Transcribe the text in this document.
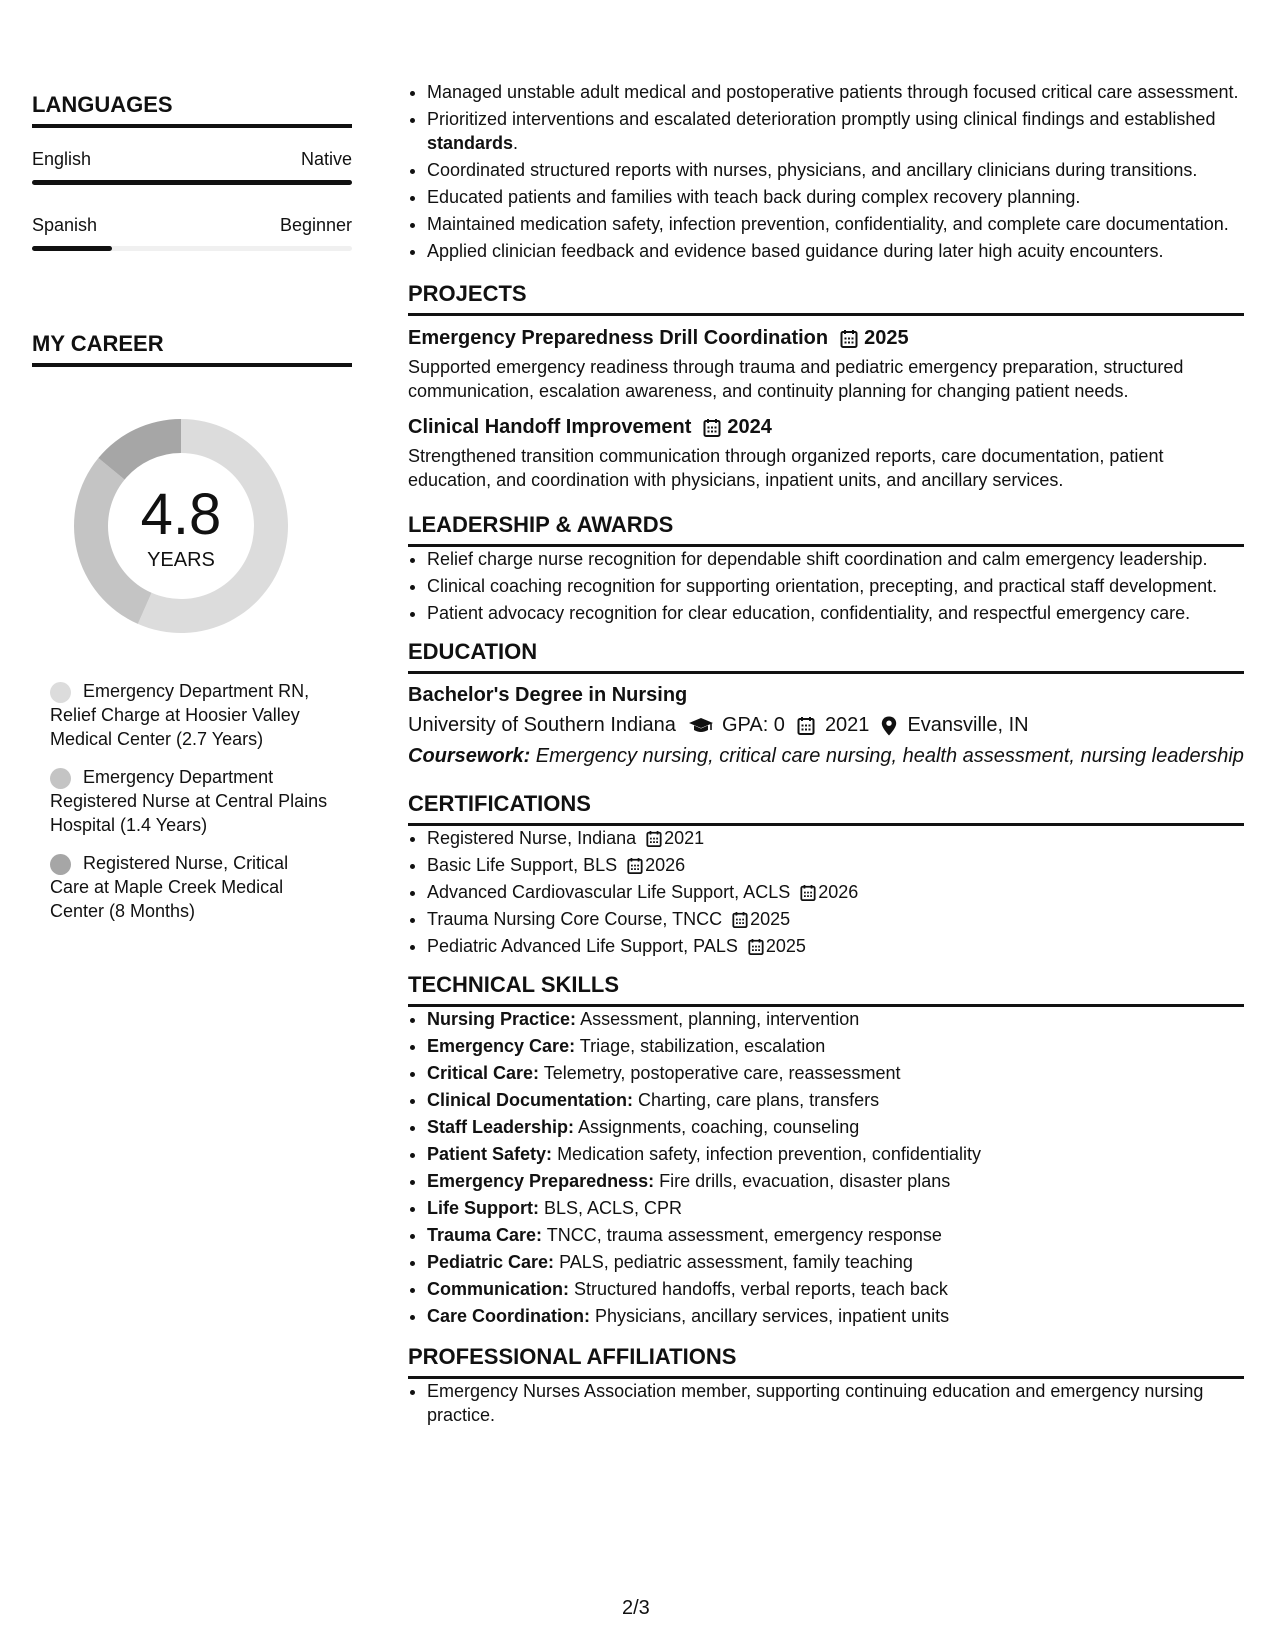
LANGUAGES
English	Native
Spanish	Beginner
MY CAREER
4.8
YEARS
Emergency Department RN, Relief Charge at Hoosier Valley Medical Center (2.7 Years)
Emergency Department Registered Nurse at Central Plains Hospital (1.4 Years)
Registered Nurse, Critical Care at Maple Creek Medical Center (8 Months)
• Managed unstable adult medical and postoperative patients through focused critical care assessment.
• Prioritized interventions and escalated deterioration promptly using clinical findings and established standards.
• Coordinated structured reports with nurses, physicians, and ancillary clinicians during transitions.
• Educated patients and families with teach back during complex recovery planning.
• Maintained medication safety, infection prevention, confidentiality, and complete care documentation.
• Applied clinician feedback and evidence based guidance during later high acuity encounters.
PROJECTS
Emergency Preparedness Drill Coordination 2025
Supported emergency readiness through trauma and pediatric emergency preparation, structured communication, escalation awareness, and continuity planning for changing patient needs.
Clinical Handoff Improvement 2024
Strengthened transition communication through organized reports, care documentation, patient education, and coordination with physicians, inpatient units, and ancillary services.
LEADERSHIP & AWARDS
• Relief charge nurse recognition for dependable shift coordination and calm emergency leadership.
• Clinical coaching recognition for supporting orientation, precepting, and practical staff development.
• Patient advocacy recognition for clear education, confidentiality, and respectful emergency care.
EDUCATION
Bachelor's Degree in Nursing
University of Southern Indiana GPA: 0 2021 Evansville, IN
Coursework: Emergency nursing, critical care nursing, health assessment, nursing leadership
CERTIFICATIONS
• Registered Nurse, Indiana 2021
• Basic Life Support, BLS 2026
• Advanced Cardiovascular Life Support, ACLS 2026
• Trauma Nursing Core Course, TNCC 2025
• Pediatric Advanced Life Support, PALS 2025
TECHNICAL SKILLS
• Nursing Practice: Assessment, planning, intervention
• Emergency Care: Triage, stabilization, escalation
• Critical Care: Telemetry, postoperative care, reassessment
• Clinical Documentation: Charting, care plans, transfers
• Staff Leadership: Assignments, coaching, counseling
• Patient Safety: Medication safety, infection prevention, confidentiality
• Emergency Preparedness: Fire drills, evacuation, disaster plans
• Life Support: BLS, ACLS, CPR
• Trauma Care: TNCC, trauma assessment, emergency response
• Pediatric Care: PALS, pediatric assessment, family teaching
• Communication: Structured handoffs, verbal reports, teach back
• Care Coordination: Physicians, ancillary services, inpatient units
PROFESSIONAL AFFILIATIONS
• Emergency Nurses Association member, supporting continuing education and emergency nursing practice.
2/3
